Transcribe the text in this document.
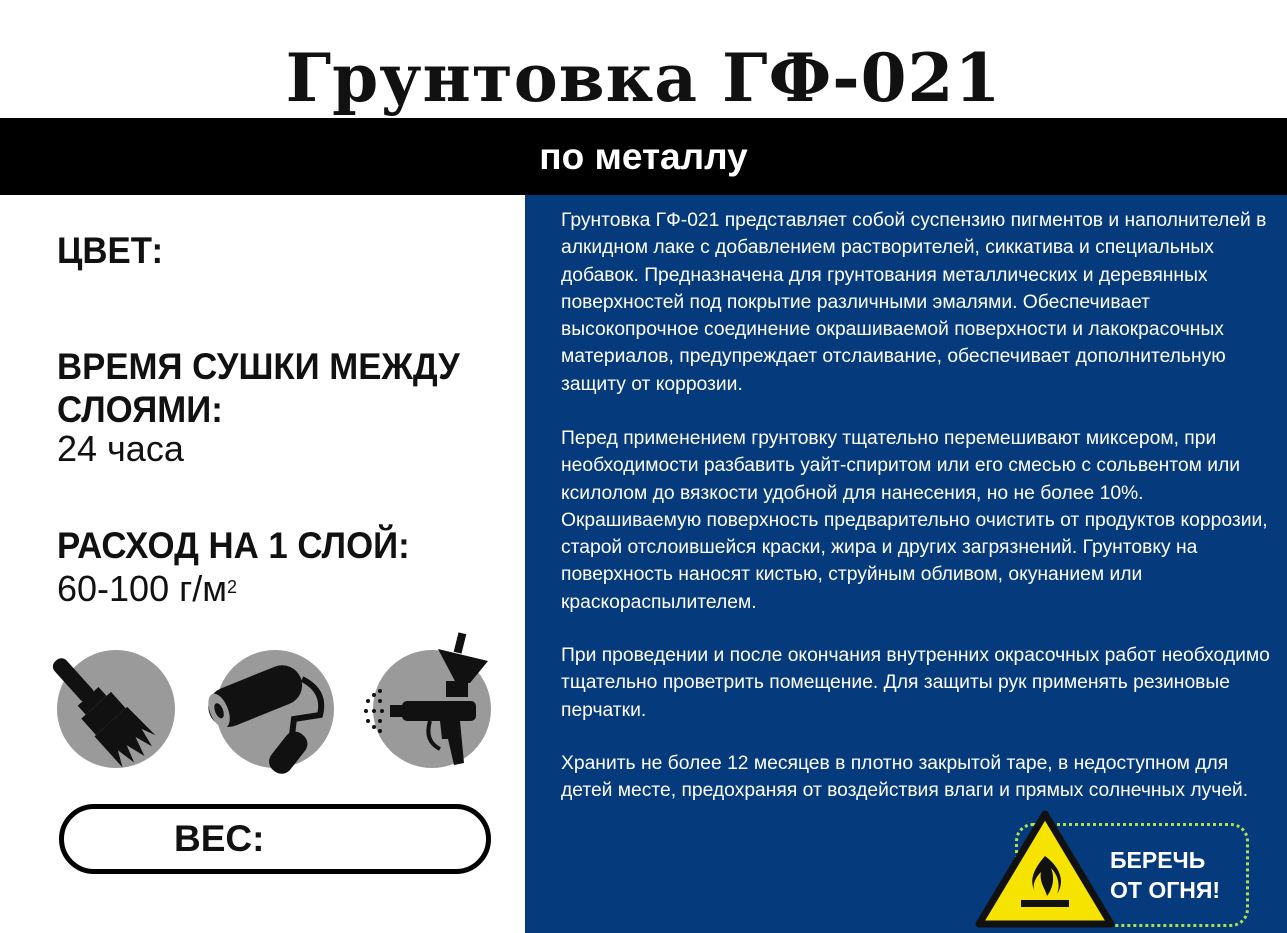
Грунтовка ГФ-021
по металлу
ЦВЕТ:
ВРЕМЯ СУШКИ МЕЖДУ
СЛОЯМИ:
24 часа
РАСХОД НА 1 СЛОЙ:
60-100 $г/м^2$
ВЕС:

Грунтовка ГФ-021 представляет собой суспензию пигментов и наполнителей в алкидном лаке с добавлением растворителей, сиккатива и специальных добавок. Предназначена для грунтования металлических и деревянных поверхностей под покрытие различными эмалями. Обеспечивает высокопрочное соединение окрашиваемой поверхности и лакокрасочных материалов, предупреждает отслаивание, обеспечивает дополнительную защиту от коррозии.

Перед применением грунтовку тщательно перемешивают миксером, при необходимости разбавить уайт-спиритом или его смесью с сольвентом или ксилолом до вязкости удобной для нанесения, но не более 10%. Окрашиваемую поверхность предварительно очистить от продуктов коррозии, старой отслоившейся краски, жира и других загрязнений. Грунтовку на поверхность наносят кистью, струйным обливом, окунанием или краскораспылителем.

При проведении и после окончания внутренних окрасочных работ необходимо тщательно проветрить помещение. Для защиты рук применять резиновые перчатки.

Хранить не более 12 месяцев в плотно закрытой таре, в недоступном для детей месте, предохраняя от воздействия влаги и прямых солнечных лучей.

БЕРЕЧЬ
ОТ ОГНЯ!
